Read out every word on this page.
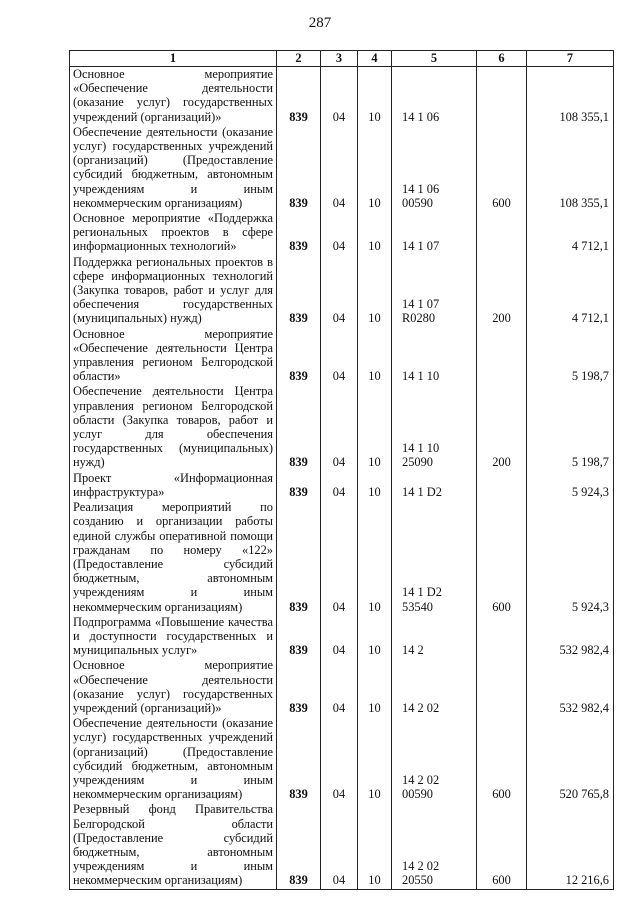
287
1	2	3	4	5	6	7
Основное мероприятие «Обеспечение деятельности (оказание услуг) государственных учреждений (организаций)»	839	04	10	14 1 06		108 355,1
Обеспечение деятельности (оказание услуг) государственных учреждений (организаций) (Предоставление субсидий бюджетным, автономным учреждениям и иным некоммерческим организациям)	839	04	10	14 1 06 00590	600	108 355,1
Основное мероприятие «Поддержка региональных проектов в сфере информационных технологий»	839	04	10	14 1 07		4 712,1
Поддержка региональных проектов в сфере информационных технологий (Закупка товаров, работ и услуг для обеспечения государственных (муниципальных) нужд)	839	04	10	14 1 07 R0280	200	4 712,1
Основное мероприятие «Обеспечение деятельности Центра управления регионом Белгородской области»	839	04	10	14 1 10		5 198,7
Обеспечение деятельности Центра управления регионом Белгородской области (Закупка товаров, работ и услуг для обеспечения государственных (муниципальных) нужд)	839	04	10	14 1 10 25090	200	5 198,7
Проект «Информационная инфраструктура»	839	04	10	14 1 D2		5 924,3
Реализация мероприятий по созданию и организации работы единой службы оперативной помощи гражданам по номеру «122» (Предоставление субсидий бюджетным, автономным учреждениям и иным некоммерческим организациям)	839	04	10	14 1 D2 53540	600	5 924,3
Подпрограмма «Повышение качества и доступности государственных и муниципальных услуг»	839	04	10	14 2		532 982,4
Основное мероприятие «Обеспечение деятельности (оказание услуг) государственных учреждений (организаций)»	839	04	10	14 2 02		532 982,4
Обеспечение деятельности (оказание услуг) государственных учреждений (организаций) (Предоставление субсидий бюджетным, автономным учреждениям и иным некоммерческим организациям)	839	04	10	14 2 02 00590	600	520 765,8
Резервный фонд Правительства Белгородской области (Предоставление субсидий бюджетным, автономным учреждениям и иным некоммерческим организациям)	839	04	10	14 2 02 20550	600	12 216,6
